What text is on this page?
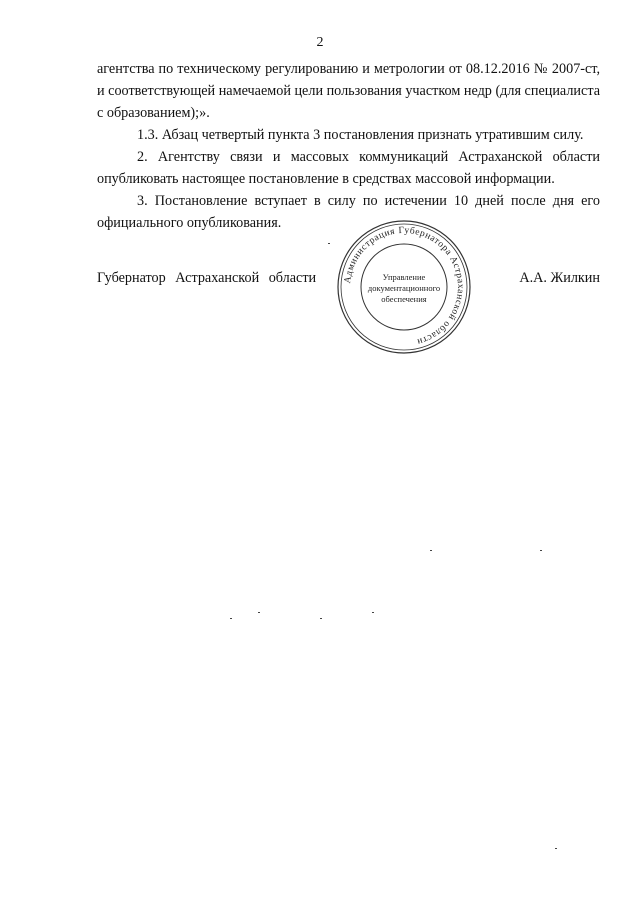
2

агентства по техническому регулированию и метрологии от 08.12.2016 № 2007-ст, и соответствующей намечаемой цели пользования участком недр (для специалиста с образованием);».

1.3. Абзац четвертый пункта 3 постановления признать утратившим силу.

2. Агентству связи и массовых коммуникаций Астраханской области опубликовать настоящее постановление в средствах массовой информации.

3. Постановление вступает в силу по истечении 10 дней после дня его официального опубликования.

Губернатор Астраханской области	А.А. Жилкин
Администрация Губернатора Астраханской области
Управление
документационного
обеспечения
